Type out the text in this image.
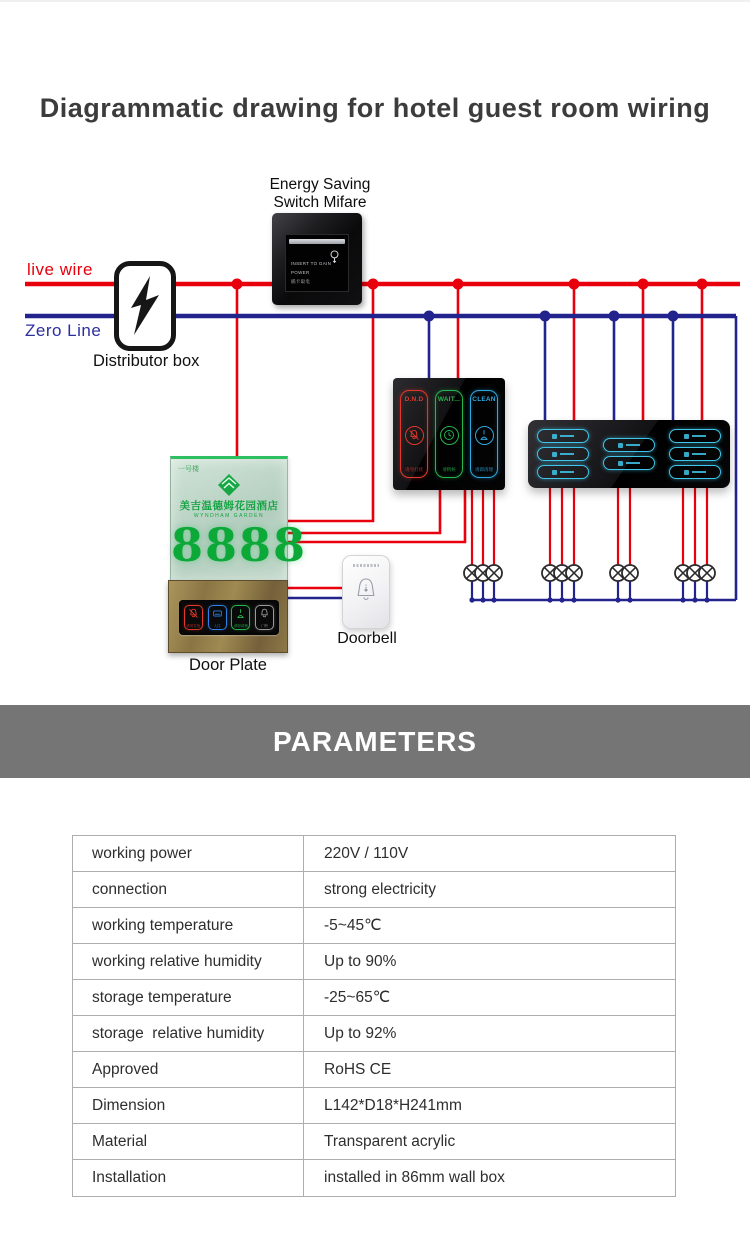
Diagrammatic drawing for hotel guest room wiring
Energy Saving
Switch Mifare
INSERT TO GAIN
POWER
插卡取电
live wire
Zero Line
Distributor box
D.N.D
请勿打扰
WAIT...
请稍候
CLEAN
请即清理
一号楼
美吉温德姆花园酒店
WYNDHAM GARDEN
8888
请勿打扰	入住	请即清理	门铃
Door Plate
Doorbell
PARAMETERS
working power	220V / 110V
connection	strong electricity
working temperature	-5~45℃
working relative humidity	Up to 90%
storage temperature	-25~65℃
storage  relative humidity	Up to 92%
Approved	RoHS CE
Dimension	L142*D18*H241mm
Material	Transparent acrylic
Installation	installed in 86mm wall box
